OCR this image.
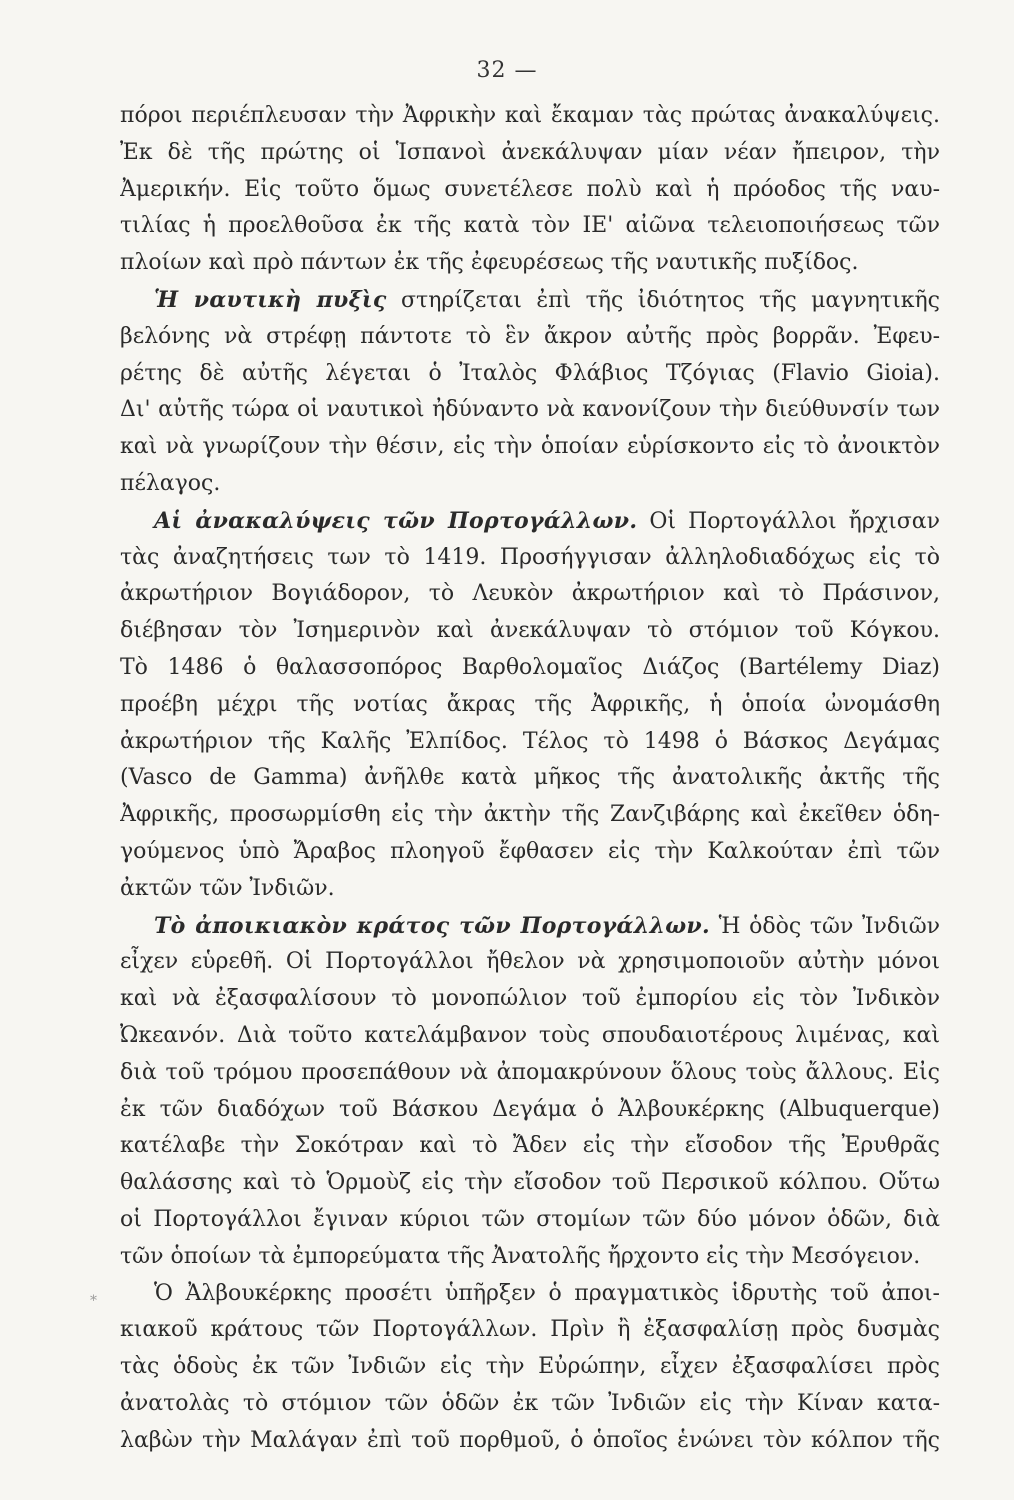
32 —
πόροι περιέπλευσαν τὴν Ἀφρικὴν καὶ ἔκαμαν τὰς πρώτας ἀνακαλύψεις.
Ἐκ δὲ τῆς πρώτης οἱ Ἱσπανοὶ ἀνεκάλυψαν μίαν νέαν ἤπειρον, τὴν
Ἀμερικήν. Εἰς τοῦτο ὅμως συνετέλεσε πολὺ καὶ ἡ πρόοδος τῆς ναυ-
τιλίας ἡ προελθοῦσα ἐκ τῆς κατὰ τὸν ΙΕ' αἰῶνα τελειοποιήσεως τῶν
πλοίων καὶ πρὸ πάντων ἐκ τῆς ἐφευρέσεως τῆς ναυτικῆς πυξίδος.
Ἡ ναυτικὴ πυξὶς στηρίζεται ἐπὶ τῆς ἰδιότητος τῆς μαγνητικῆς
βελόνης νὰ στρέφῃ πάντοτε τὸ ἓν ἄκρον αὐτῆς πρὸς βορρᾶν. Ἐφευ-
ρέτης δὲ αὐτῆς λέγεται ὁ Ἰταλὸς Φλάβιος Τζόγιας (Flavio Gioia).
Δι' αὐτῆς τώρα οἱ ναυτικοὶ ἠδύναντο νὰ κανονίζουν τὴν διεύθυνσίν των
καὶ νὰ γνωρίζουν τὴν θέσιν, εἰς τὴν ὁποίαν εὑρίσκοντο εἰς τὸ ἀνοικτὸν
πέλαγος.
Αἱ ἀνακαλύψεις τῶν Πορτογάλλων. Οἱ Πορτογάλλοι ἤρχισαν
τὰς ἀναζητήσεις των τὸ 1419. Προσήγγισαν ἀλληλοδιαδόχως εἰς τὸ
ἀκρωτήριον Βογιάδορον, τὸ Λευκὸν ἀκρωτήριον καὶ τὸ Πράσινον,
διέβησαν τὸν Ἰσημερινὸν καὶ ἀνεκάλυψαν τὸ στόμιον τοῦ Κόγκου.
Τὸ 1486 ὁ θαλασσοπόρος Βαρθολομαῖος Διάζος (Bartélemy Diaz)
προέβη μέχρι τῆς νοτίας ἄκρας τῆς Ἀφρικῆς, ἡ ὁποία ὠνομάσθη
ἀκρωτήριον τῆς Καλῆς Ἐλπίδος. Τέλος τὸ 1498 ὁ Βάσκος Δεγάμας
(Vasco de Gamma) ἀνῆλθε κατὰ μῆκος τῆς ἀνατολικῆς ἀκτῆς τῆς
Ἀφρικῆς, προσωρμίσθη εἰς τὴν ἀκτὴν τῆς Ζανζιβάρης καὶ ἐκεῖθεν ὁδη-
γούμενος ὑπὸ Ἄραβος πλοηγοῦ ἔφθασεν εἰς τὴν Καλκούταν ἐπὶ τῶν
ἀκτῶν τῶν Ἰνδιῶν.
Τὸ ἀποικιακὸν κράτος τῶν Πορτογάλλων. Ἡ ὁδὸς τῶν Ἰνδιῶν
εἶχεν εὑρεθῆ. Οἱ Πορτογάλλοι ἤθελον νὰ χρησιμοποιοῦν αὐτὴν μόνοι
καὶ νὰ ἐξασφαλίσουν τὸ μονοπώλιον τοῦ ἐμπορίου εἰς τὸν Ἰνδικὸν
Ὠκεανόν. Διὰ τοῦτο κατελάμβανον τοὺς σπουδαιοτέρους λιμένας, καὶ
διὰ τοῦ τρόμου προσεπάθουν νὰ ἀπομακρύνουν ὅλους τοὺς ἄλλους. Εἰς
ἐκ τῶν διαδόχων τοῦ Βάσκου Δεγάμα ὁ Ἀλβουκέρκης (Albuquerque)
κατέλαβε τὴν Σοκότραν καὶ τὸ Ἄδεν εἰς τὴν εἴσοδον τῆς Ἐρυθρᾶς
θαλάσσης καὶ τὸ Ὁρμοὺζ εἰς τὴν εἴσοδον τοῦ Περσικοῦ κόλπου. Οὕτω
οἱ Πορτογάλλοι ἔγιναν κύριοι τῶν στομίων τῶν δύο μόνον ὁδῶν, διὰ
τῶν ὁποίων τὰ ἐμπορεύματα τῆς Ἀνατολῆς ἤρχοντο εἰς τὴν Μεσόγειον.
Ὁ Ἀλβουκέρκης προσέτι ὑπῆρξεν ὁ πραγματικὸς ἱδρυτὴς τοῦ ἀποι-
κιακοῦ κράτους τῶν Πορτογάλλων. Πρὶν ἢ ἐξασφαλίσῃ πρὸς δυσμὰς
τὰς ὁδοὺς ἐκ τῶν Ἰνδιῶν εἰς τὴν Εὐρώπην, εἶχεν ἐξασφαλίσει πρὸς
ἀνατολὰς τὸ στόμιον τῶν ὁδῶν ἐκ τῶν Ἰνδιῶν εἰς τὴν Κίναν κατα-
λαβὼν τὴν Μαλάγαν ἐπὶ τοῦ πορθμοῦ, ὁ ὁποῖος ἑνώνει τὸν κόλπον τῆς
*
